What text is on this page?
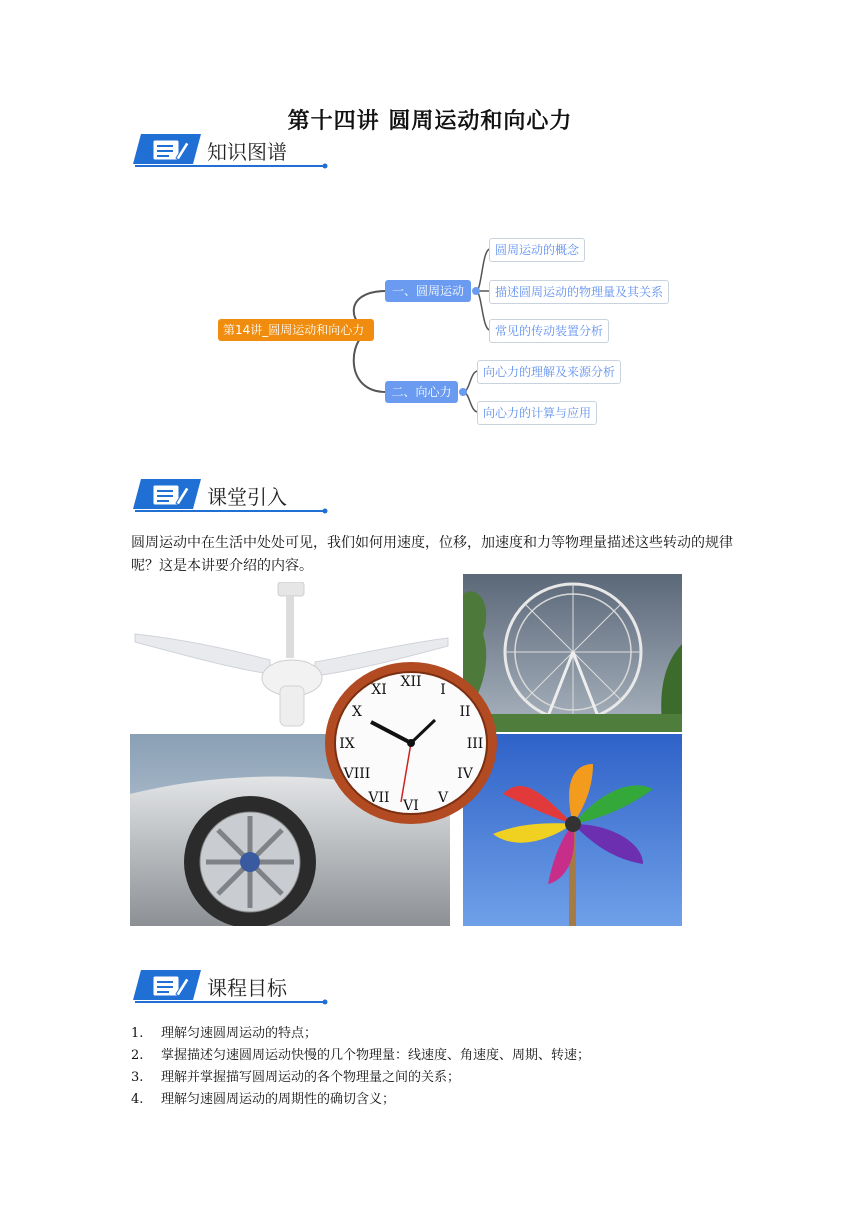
第十四讲 圆周运动和向心力
知识图谱
第14讲_圆周运动和向心力
一、圆周运动
二、向心力
圆周运动的概念
描述圆周运动的物理量及其关系
常见的传动装置分析
向心力的理解及来源分析
向心力的计算与应用
课堂引入
圆周运动中在生活中处处可见，我们如何用速度，位移，加速度和力等物理量描述这些转动的规律呢？这是本讲要介绍的内容。
XII I
II
III
IV
V
VI
VII
VIII
IX
X
XI
课程目标
1. 理解匀速圆周运动的特点；
2. 掌握描述匀速圆周运动快慢的几个物理量：线速度、角速度、周期、转速；
3. 理解并掌握描写圆周运动的各个物理量之间的关系；
4. 理解匀速圆周运动的周期性的确切含义；
